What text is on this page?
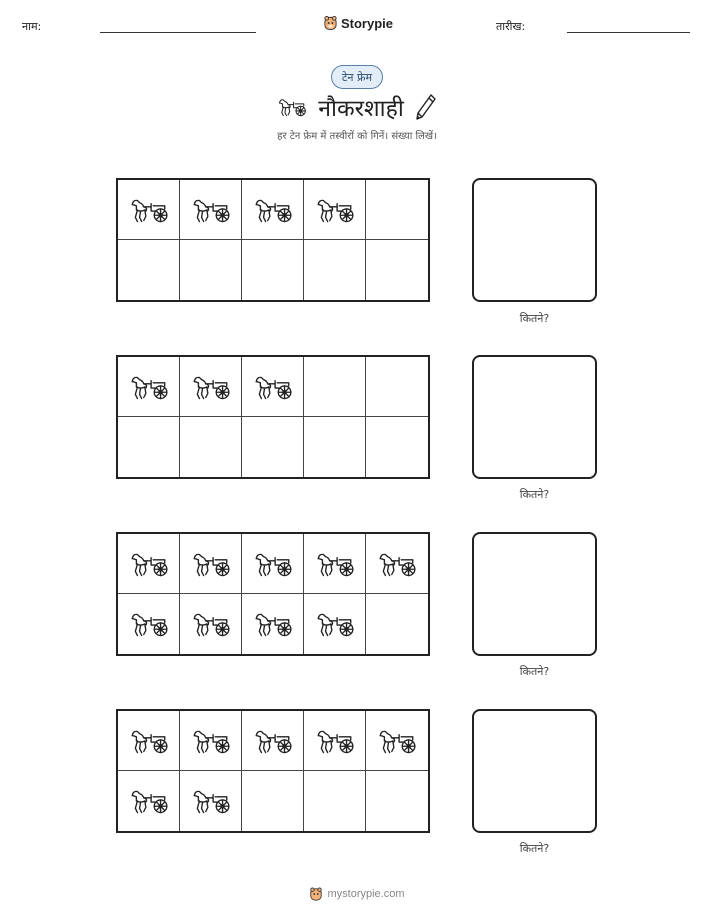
नाम:	Storypie	तारीख:
टेन फ्रेम
नौकरशाही
हर टेन फ्रेम में तस्वीरों को गिनें। संख्या लिखें।
कितने?
कितने?
कितने?
कितने?
mystorypie.com
